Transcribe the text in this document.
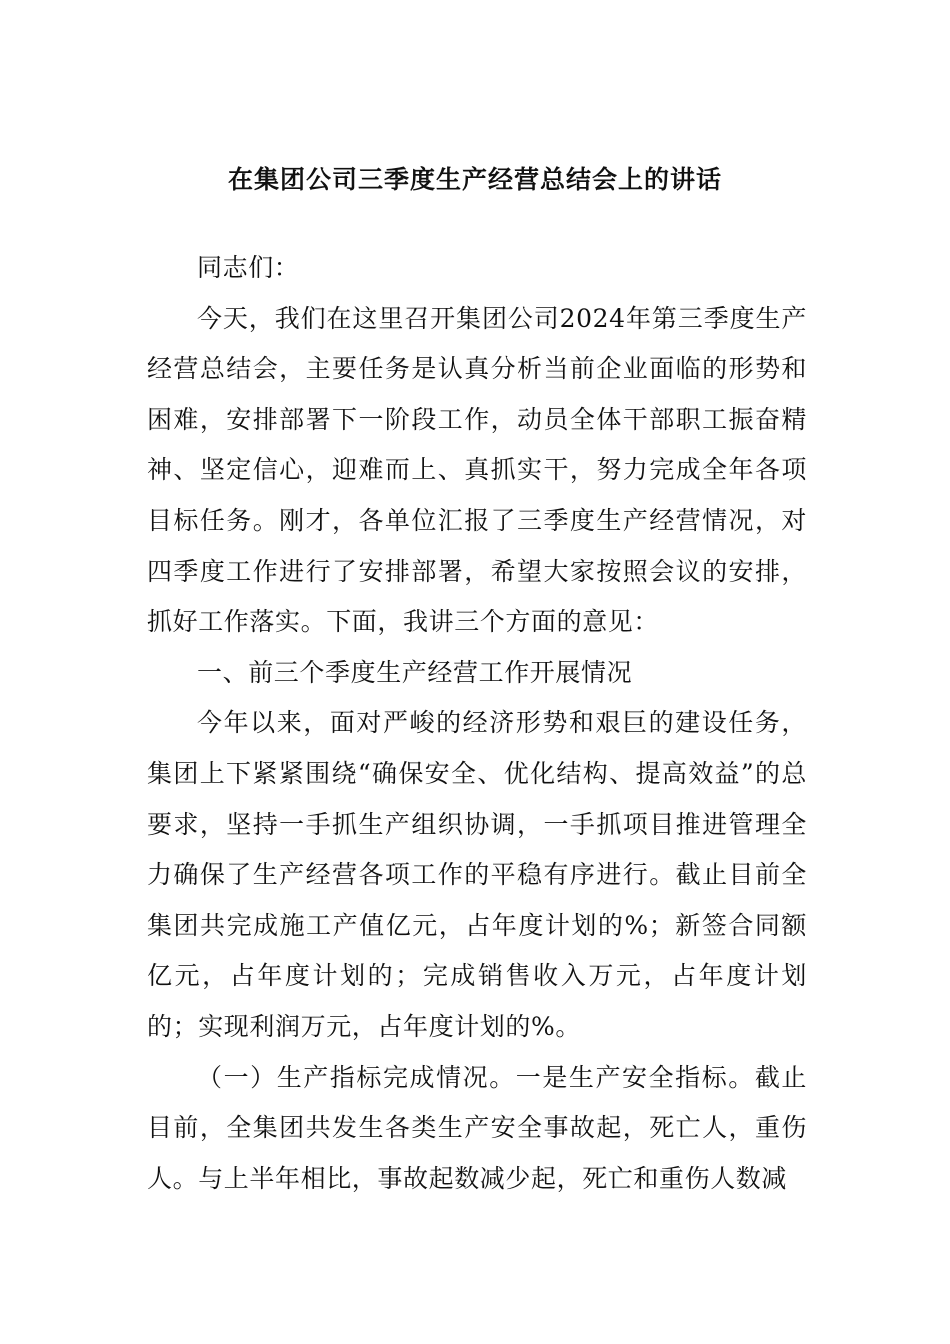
在集团公司三季度生产经营总结会上的讲话

同志们：

今天，我们在这里召开集团公司2024年第三季度生产经营总结会，主要任务是认真分析当前企业面临的形势和困难，安排部署下一阶段工作，动员全体干部职工振奋精神、坚定信心，迎难而上、真抓实干，努力完成全年各项目标任务。刚才，各单位汇报了三季度生产经营情况，对四季度工作进行了安排部署，希望大家按照会议的安排，抓好工作落实。下面，我讲三个方面的意见：

一、前三个季度生产经营工作开展情况

今年以来，面对严峻的经济形势和艰巨的建设任务，集团上下紧紧围绕“确保安全、优化结构、提高效益”的总要求，坚持一手抓生产组织协调，一手抓项目推进管理全力确保了生产经营各项工作的平稳有序进行。截止目前全集团共完成施工产值亿元，占年度计划的%；新签合同额亿元，占年度计划的；完成销售收入万元，占年度计划的；实现利润万元，占年度计划的%。

（一）生产指标完成情况。一是生产安全指标。截止目前，全集团共发生各类生产安全事故起，死亡人，重伤人。与上半年相比，事故起数减少起，死亡和重伤人数减
